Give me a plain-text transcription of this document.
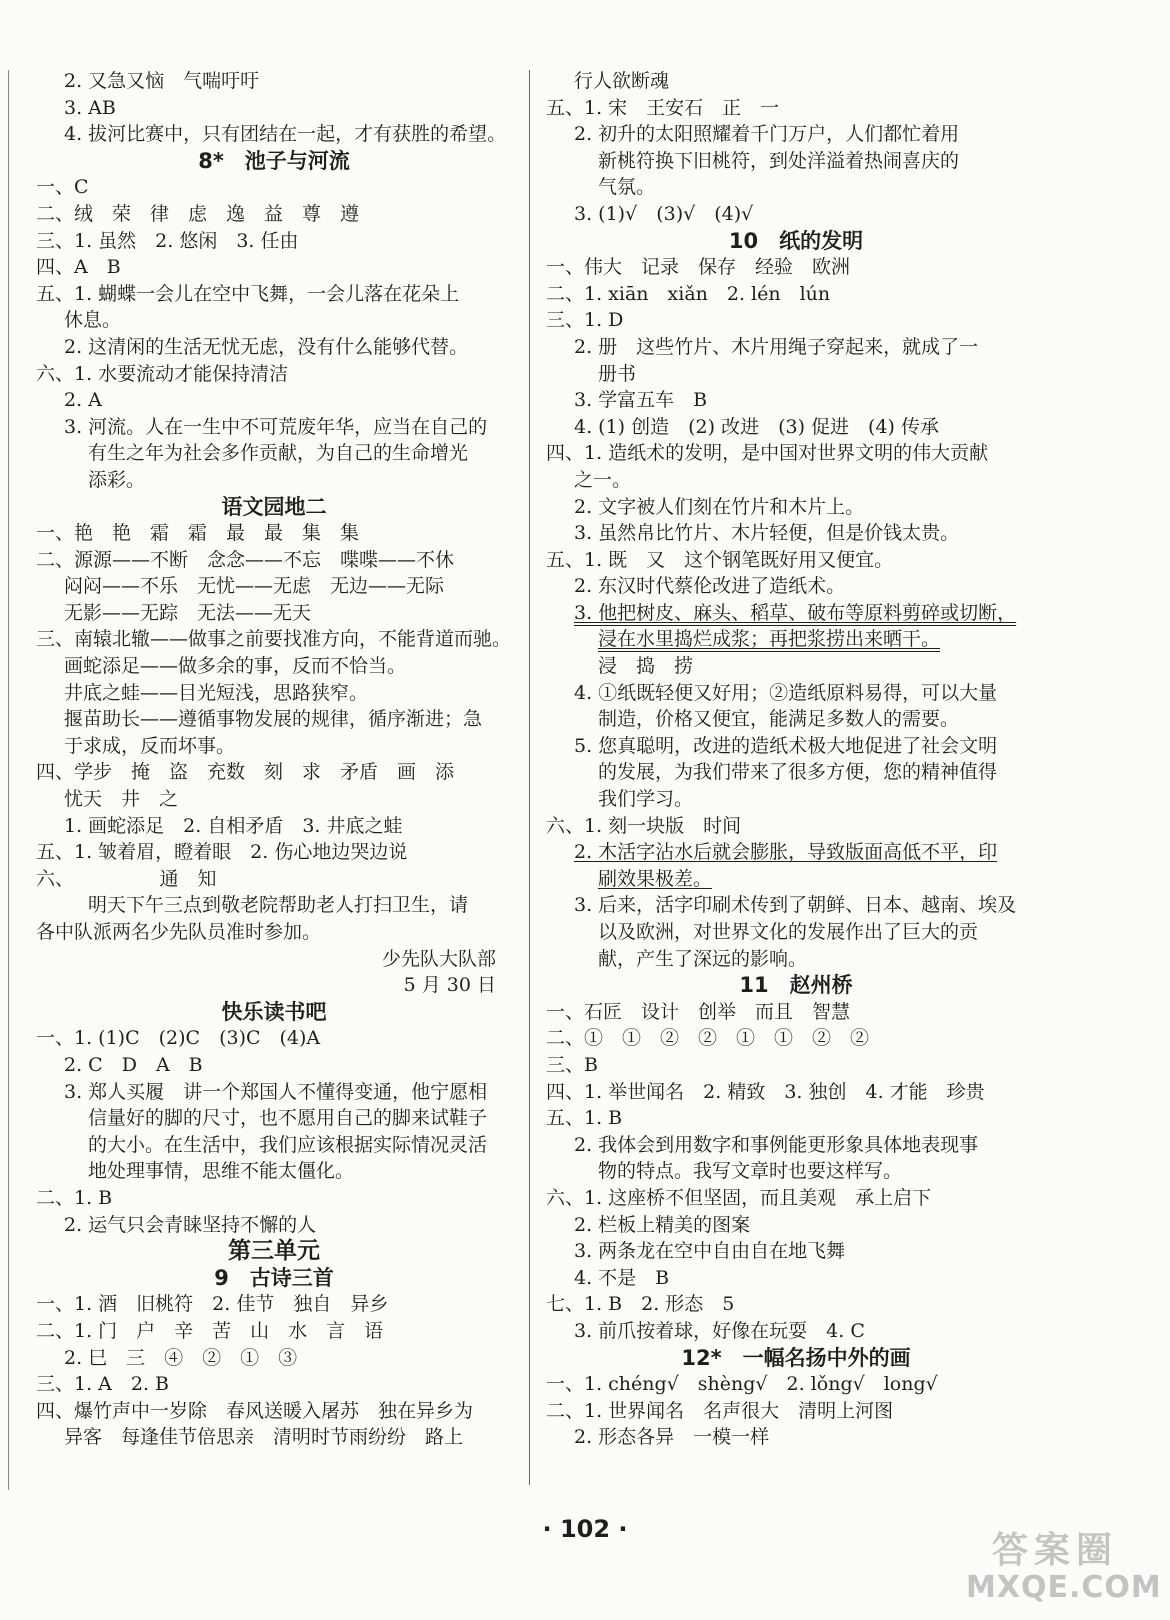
2. 又急又恼　气喘吁吁
3. AB
4. 拔河比赛中，只有团结在一起，才有获胜的希望。
8*　池子与河流
一、C
二、绒　荣　律　虑　逸　益　尊　遵
三、1. 虽然　2. 悠闲　3. 任由
四、A　B
五、1. 蝴蝶一会儿在空中飞舞，一会儿落在花朵上
休息。
2. 这清闲的生活无忧无虑，没有什么能够代替。
六、1. 水要流动才能保持清洁
2. A
3. 河流。人在一生中不可荒废年华，应当在自己的
有生之年为社会多作贡献，为自己的生命增光
添彩。
语文园地二
一、艳　艳　霜　霜　最　最　集　集
二、源源——不断　念念——不忘　喋喋——不休
闷闷——不乐　无忧——无虑　无边——无际
无影——无踪　无法——无天
三、南辕北辙——做事之前要找准方向，不能背道而驰。
画蛇添足——做多余的事，反而不恰当。
井底之蛙——目光短浅，思路狭窄。
揠苗助长——遵循事物发展的规律，循序渐进；急
于求成，反而坏事。
四、学步　掩　盗　充数　刻　求　矛盾　画　添
忧天　井　之
1. 画蛇添足　2. 自相矛盾　3. 井底之蛙
五、1. 皱着眉，瞪着眼　2. 伤心地边哭边说
六、　　　　　通　知
明天下午三点到敬老院帮助老人打扫卫生，请
各中队派两名少先队员准时参加。
少先队大队部
5 月 30 日
快乐读书吧
一、1. (1)C　(2)C　(3)C　(4)A
2. C　D　A　B
3. 郑人买履　讲一个郑国人不懂得变通，他宁愿相
信量好的脚的尺寸，也不愿用自己的脚来试鞋子
的大小。在生活中，我们应该根据实际情况灵活
地处理事情，思维不能太僵化。
二、1. B
2. 运气只会青睐坚持不懈的人
第三单元
9　古诗三首
一、1. 酒　旧桃符　2. 佳节　独自　异乡
二、1. 门　户　辛　苦　山　水　言　语
2. 巳　三　④　②　①　③
三、1. A　2. B
四、爆竹声中一岁除　春风送暖入屠苏　独在异乡为
异客　每逢佳节倍思亲　清明时节雨纷纷　路上
行人欲断魂
五、1. 宋　王安石　正　一
2. 初升的太阳照耀着千门万户，人们都忙着用
新桃符换下旧桃符，到处洋溢着热闹喜庆的
气氛。
3. (1)√　(3)√　(4)√
10　纸的发明
一、伟大　记录　保存　经验　欧洲
二、1. xiān　xiǎn　2. lén　lún
三、1. D
2. 册　这些竹片、木片用绳子穿起来，就成了一
册书
3. 学富五车　B
4. (1) 创造　(2) 改进　(3) 促进　(4) 传承
四、1. 造纸术的发明，是中国对世界文明的伟大贡献
之一。
2. 文字被人们刻在竹片和木片上。
3. 虽然帛比竹片、木片轻便，但是价钱太贵。
五、1. 既　又　这个钢笔既好用又便宜。
2. 东汉时代蔡伦改进了造纸术。
3. 他把树皮、麻头、稻草、破布等原料剪碎或切断，
浸在水里捣烂成浆；再把浆捞出来晒干。
浸　捣　捞
4. ①纸既轻便又好用；②造纸原料易得，可以大量
制造，价格又便宜，能满足多数人的需要。
5. 您真聪明，改进的造纸术极大地促进了社会文明
的发展，为我们带来了很多方便，您的精神值得
我们学习。
六、1. 刻一块版　时间
2. 木活字沾水后就会膨胀，导致版面高低不平，印
刷效果极差。
3. 后来，活字印刷术传到了朝鲜、日本、越南、埃及
以及欧洲，对世界文化的发展作出了巨大的贡
献，产生了深远的影响。
11　赵州桥
一、石匠　设计　创举　而且　智慧
二、①　①　②　②　①　①　②　②
三、B
四、1. 举世闻名　2. 精致　3. 独创　4. 才能　珍贵
五、1. B
2. 我体会到用数字和事例能更形象具体地表现事
物的特点。我写文章时也要这样写。
六、1. 这座桥不但坚固，而且美观　承上启下
2. 栏板上精美的图案
3. 两条龙在空中自由自在地飞舞
4. 不是　B
七、1. B　2. 形态　5
3. 前爪按着球，好像在玩耍　4. C
12*　一幅名扬中外的画
一、1. chéng√　shèng√　2. lǒng√　long√
二、1. 世界闻名　名声很大　清明上河图
2. 形态各异　一模一样
· 102 ·
答案圈
MXQE.COM
